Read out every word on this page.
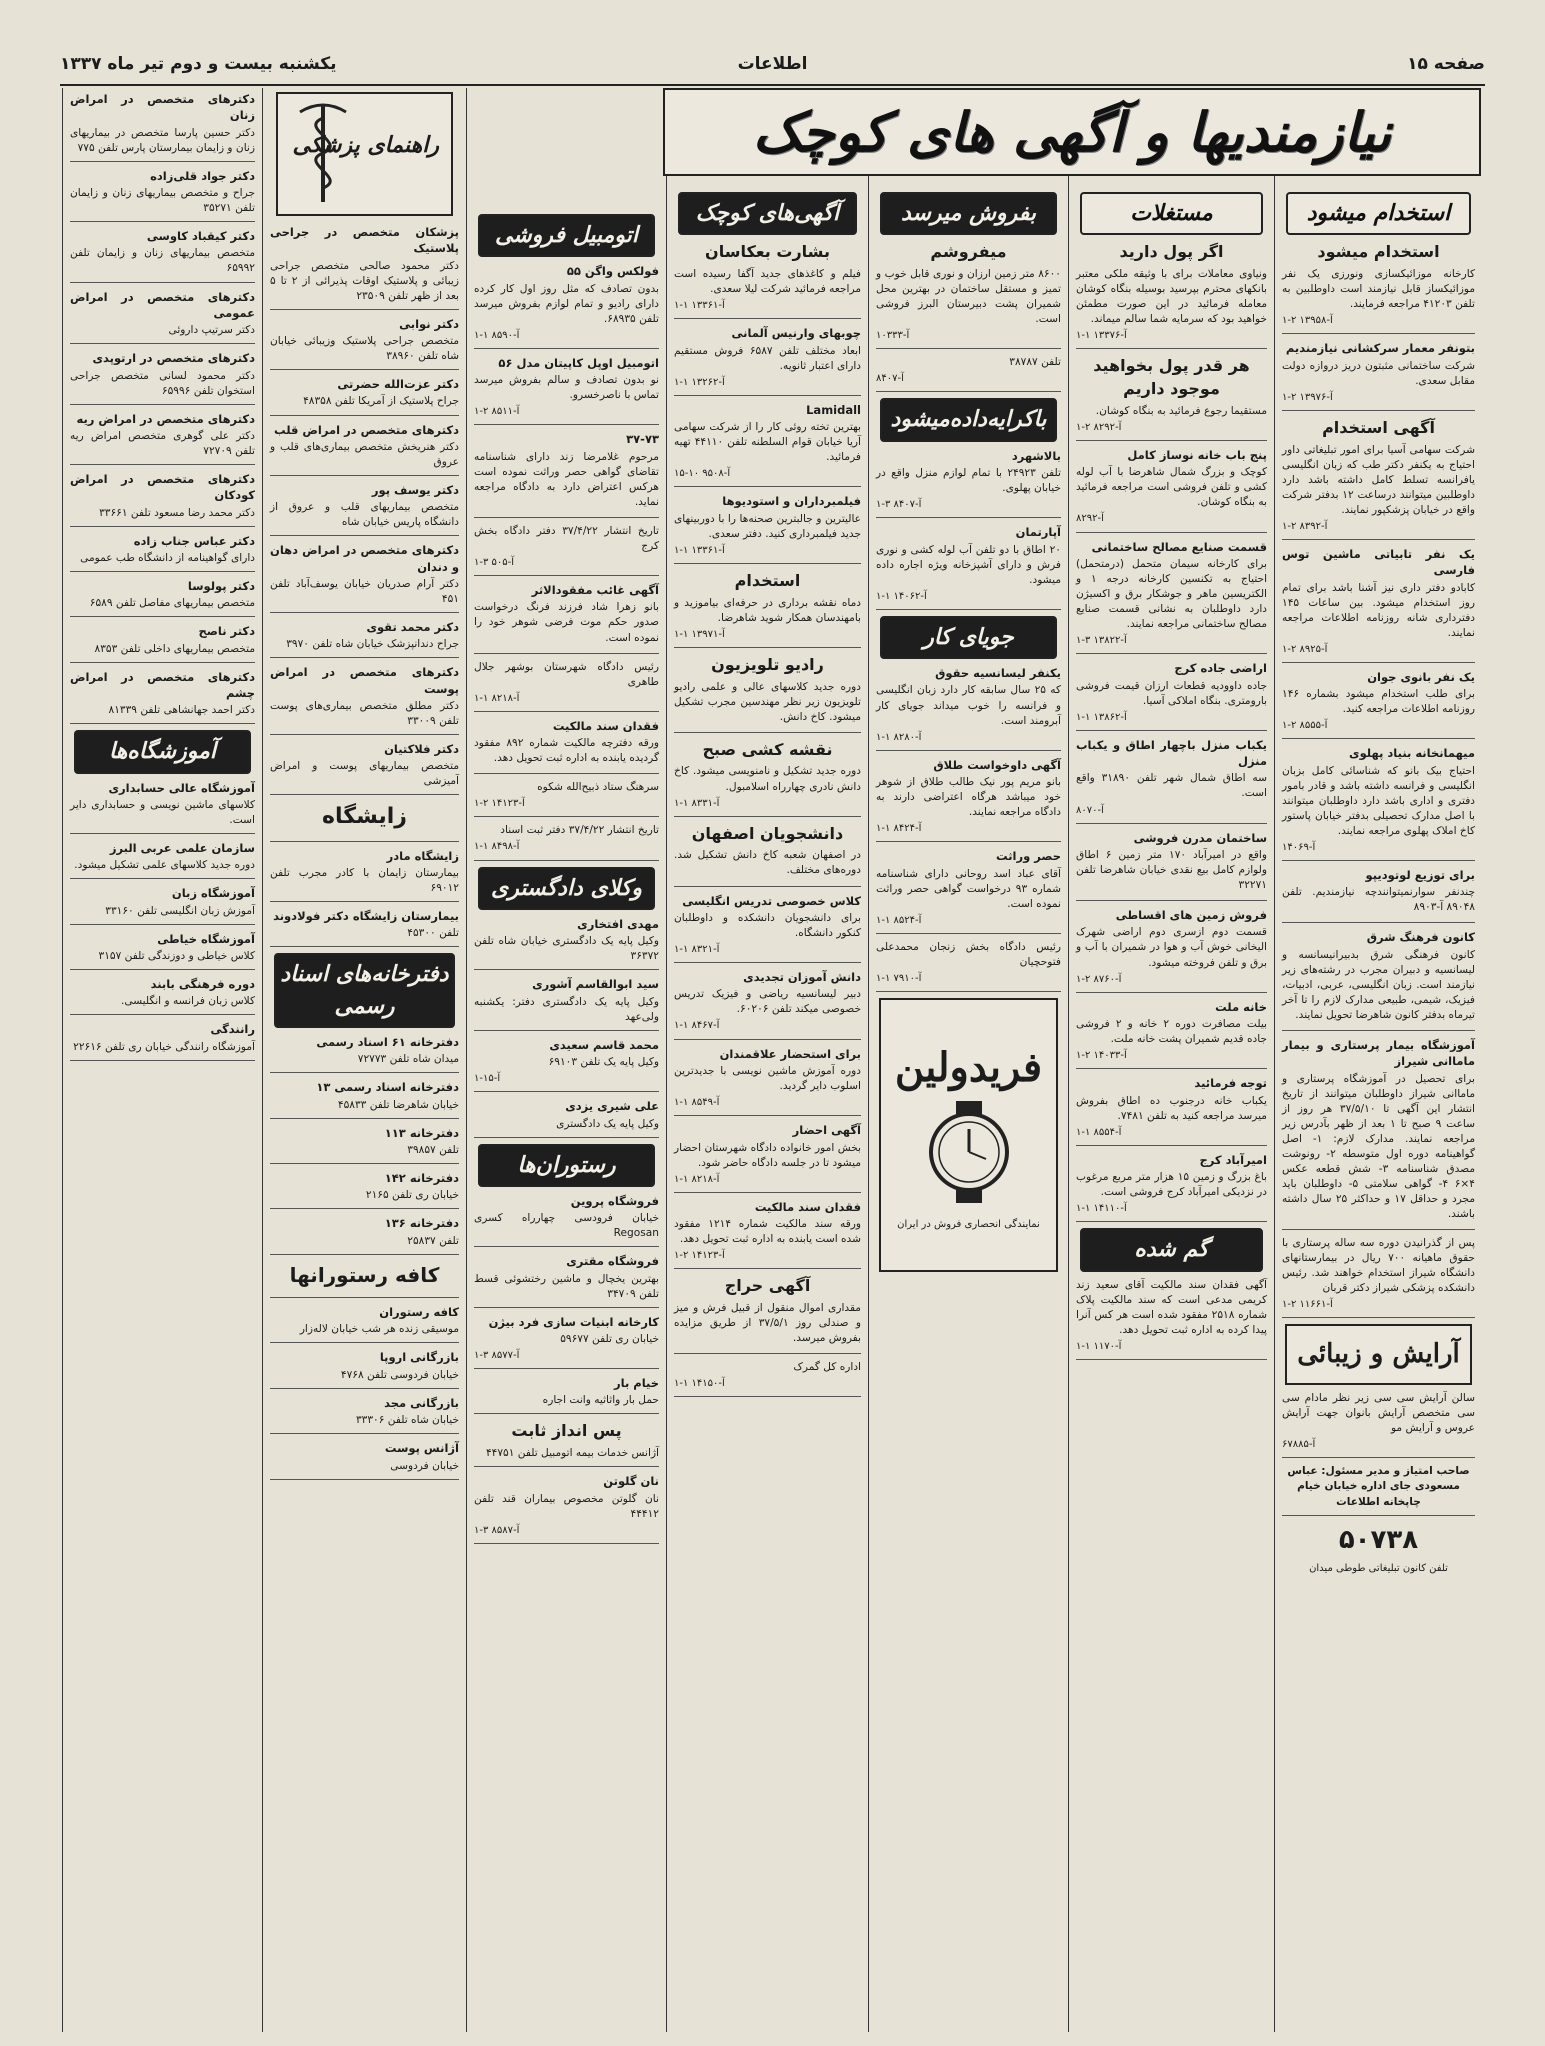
صفحه ۱۵
اطلاعات
یکشنبه بیست و دوم تیر ماه ۱۳۳۷
استخدام میشود
استخدام میشود

کارخانه موزائیکسازی ونورزی یک نفر موزائیکساز قابل نیازمند است داوطلبین به تلفن ۴۱۲۰۳ مراجعه فرمایند.

آ-۱۳۹۵۸ ۲-۱
بتونفر معمار سرکشانی نیازمندیم

شرکت ساختمانی مثبتون دریز دروازه دولت مقابل سعدی.

آ-۱۳۹۷۶ ۲-۱
آگهی استخدام

شرکت سهامی آسیا برای امور تبلیغاتی داور احتیاج به یکنفر دکتر طب که زبان انگلیسی یافرانسه تسلط کامل داشته باشد دارد داوطلبین میتوانند درساعت ۱۲ بدفتر شرکت واقع در خیابان پزشکپور نمایند.

آ-۸۳۹۲ ۲-۱
یک نفر تابیاتی ماشین توس فارسی

کابادو دفتر داری نیز آشنا باشد برای تمام روز استخدام میشود. بین ساعات ۱۴۵ دفترداری شانه روزنامه اطلاعات مراجعه نمایند.

آ-۸۹۲۵ ۲-۱
یک نفر بانوی جوان

برای طلب استخدام میشود بشماره ۱۴۶ روزنامه اطلاعات مراجعه کنید.

آ-۸۵۵۵ ۲-۱
میهمانخانه بنیاد پهلوی

احتیاج بیک بانو که شناسائی کامل بزبان انگلیسی و فرانسه داشته باشد و قادر بامور دفتری و اداری باشد دارد داوطلبان میتوانند با اصل مدارک تحصیلی بدفتر خیابان پاستور کاخ املاک پهلوی مراجعه نمایند.

آ-۱۴۰۶۹
برای توزیع لوتودیپو

چندنفر سوارنمیتوانندچه نیازمندیم. تلفن ۸۹۰۴۸ آ-۸۹۰۳

کانون فرهنگ شرق

کانون فرهنگی شرق بدبیرانیسانسه و لیسانسیه و دبیران مجرب در رشته‌های زیر نیازمند است. زبان انگلیسی، عربی، ادبیات، فیزیک، شیمی، طبیعی مدارک لازم را تا آخر تیرماه بدفتر کانون شاهرضا تحویل نمایند.

آموزشگاه بیمار پرستاری و بیمار ماماانی شیراز

برای تحصیل در آموزشگاه پرستاری و ماماانی شیراز داوطلبان میتوانند از تاریخ انتشار این آگهی تا ۳۷/۵/۱۰ هر روز از ساعت ۹ صبح تا ۱ بعد از ظهر بآدرس زیر مراجعه نمایند. مدارک لازم: ۱- اصل گواهینامه دوره اول متوسطه ۲- رونوشت مصدق شناسنامه ۳- شش قطعه عکس ۴×۶ ۴- گواهی سلامتی ۵- داوطلبان باید مجرد و حداقل ۱۷ و حداکثر ۲۵ سال داشته باشند.

پس از گذرانیدن دوره سه ساله پرستاری با حقوق ماهیانه ۷۰۰ ریال در بیمارستانهای دانشگاه شیراز استخدام خواهند شد. رئیس دانشکده پزشکی شیراز دکتر قربان

آ-۱۱۶۶۱ ۲-۱
آرایش و زیبائی

سالن آرایش سی سی زیر نظر مادام سی سی متخصص آرایش بانوان جهت آرایش عروس و آرایش مو

آ-۶۷۸۸۵

صاحب امتیاز و مدیر مسئول: عباس مسعودی جای اداره خیابان خیام چاپخانه اطلاعات

۵۰۷۳۸
تلفن کانون تبلیغاتی طوطی میدان
مستغلات
اگر پول دارید

ونیاوی معاملات برای با وثیقه ملکی معتبر بانکهای محترم بپرسید بوسیله بنگاه کوشان معامله فرمائید در این صورت مطمئن خواهید بود که سرمایه شما سالم میماند.

آ-۱۳۳۷۶ ۱-۱
هر قدر پول بخواهید موجود داریم

مستقیما رجوع فرمائید به بنگاه کوشان.

آ-۸۲۹۲ ۲-۱
پنج باب خانه نوساز کامل

کوچک و بزرگ شمال شاهرضا با آب لوله کشی و تلفن فروشی است مراجعه فرمائید به بنگاه کوشان.

آ-۸۲۹۲
قسمت صنایع مصالح ساختمانی

برای کارخانه سیمان متحمل (درمتحمل) احتیاج به تکنسین کارخانه درجه ۱ و الکتریسین ماهر و جوشکار برق و اکسیژن دارد داوطلبان به نشانی قسمت صنایع مصالح ساختمانی مراجعه نمایند.

آ-۱۳۸۲۲ ۳-۱
اراضی جاده کرج

جاده داوودیه قطعات ارزان قیمت فروشی بارومتری. بنگاه املاکی آسیا.

آ-۱۳۸۶۲ ۱-۱
یکباب منزل باچهار اطاق و یکباب منزل

سه اطاق شمال شهر تلفن ۳۱۸۹۰ واقع است.

آ-۸۰۷۰
ساختمان مدرن فروشی

واقع در امیرآباد ۱۷۰ متر زمین ۶ اطاق ولوازم کامل بیع نقدی خیابان شاهرضا تلفن ۳۲۲۷۱

فروش زمین های اقساطی

قسمت دوم ازسری دوم اراضی شهرک الیخانی خوش آب و هوا در شمیران با آب و برق و تلفن فروخته میشود.

آ-۸۷۶۰ ۲-۱
خانه ملت

بیلت مصافرت دوره ۲ خانه و ۲ فروشی جاده قدیم شمیران پشت خانه ملت.

آ-۱۴۰۳۳ ۲-۱
توجه فرمائید

یکباب خانه درجنوب ده اطاق بفروش میرسد مراجعه کنید به تلفن ۷۴۸۱.

آ-۸۵۵۴ ۱-۱
امیرآباد کرج

باغ بزرگ و زمین ۱۵ هزار متر مربع مرغوب در نزدیکی امیرآباد کرج فروشی است.

آ-۱۴۱۱۰ ۱-۱
گم شده

آگهی فقدان سند مالکیت آقای سعید زند کریمی مدعی است که سند مالکیت پلاک شماره ۲۵۱۸ مفقود شده است هر کس آنرا پیدا کرده به اداره ثبت تحویل دهد.

آ-۱۱۷۰ ۱-۱
بفروش میرسد
میفروشم

۸۶۰۰ متر زمین ارزان و نوری قابل خوب و تمیز و مستقل ساختمان در بهترین محل شمیران پشت دبیرستان البرز فروشی است.

آ-۱۰۳۳۳

تلفن ۳۸۷۸۷

آ-۸۴۰۷
باکرایه‌داده‌میشود
بالاشهرد

تلفن ۲۴۹۲۳ با تمام لوازم منزل واقع در خیابان پهلوی.

آ-۸۴۰۷ ۳-۱
آپارتمان

۲۰ اطاق با دو تلفن آب لوله کشی و نوری فرش و دارای آشپزخانه ویژه اجاره داده میشود.

آ-۱۴۰۶۲ ۱-۱
جویای کار
یکنفر لیسانسیه حقوق

که ۲۵ سال سابقه کار دارد زبان انگلیسی و فرانسه را خوب میداند جویای کار آبرومند است.

آ-۸۲۸۰ ۱-۱
آگهی داوخواست طلاق

بانو مریم پور نیک طالب طلاق از شوهر خود میباشد هرگاه اعتراضی دارند به دادگاه مراجعه نمایند.

آ-۸۴۲۴ ۱-۱
حصر وراثت

آقای عباد اسد روحانی دارای شناسنامه شماره ۹۳ درخواست گواهی حصر وراثت نموده است.

آ-۸۵۲۴ ۱-۱

رئیس دادگاه بخش زنجان محمدعلی فتوحچیان

آ-۷۹۱۰ ۱-۱
فریدولین
نمایندگی انحصاری فروش در ایران
آگهی‌های کوچک
بشارت بعکاسان

فیلم و کاغذهای جدید آگفا رسیده است مراجعه فرمائید شرکت لیلا سعدی.

آ-۱۳۳۶۱ ۱-۱
چوبهای وارنیس آلمانی

ابعاد مختلف تلفن ۶۵۸۷ فروش مستقیم دارای اعتبار ثانویه.

آ-۱۳۲۶۲ ۱-۱
Lamidall

بهترین تخته روئی کار را از شرکت سهامی آریا خیابان قوام السلطنه تلفن ۴۴۱۱۰ تهیه فرمائید.

آ-۹۵۰۸ ۱۰-۱۵
فیلمبرداران و استودیوها

عالیترین و جالبترین صحنه‌ها را با دوربینهای جدید فیلمبرداری کنید. دفتر سعدی.

آ-۱۳۳۶۱ ۱-۱
استخدام

دماه نقشه برداری در حرفه‌ای بیاموزید و بامهندسان همکار شوید شاهرضا.

آ-۱۳۹۷۱ ۱-۱
رادیو تلویزیون

دوره جدید کلاسهای عالی و علمی رادیو تلویزیون زیر نظر مهندسین مجرب تشکیل میشود. کاخ دانش.

نقشه کشی صبح

دوره جدید تشکیل و نامنویسی میشود. کاخ دانش نادری چهارراه اسلامبول.

آ-۸۳۳۱ ۱-۱
دانشجویان اصفهان

در اصفهان شعبه کاخ دانش تشکیل شد. دوره‌های مختلف.

کلاس خصوصی تدریس انگلیسی

برای دانشجویان دانشکده و داوطلبان کنکور دانشگاه.

آ-۸۳۲۱ ۱-۱
دانش آموزان تجدیدی

دبیر لیسانسیه ریاضی و فیزیک تدریس خصوصی میکند تلفن ۶۰۲۰۶.

آ-۸۴۶۷ ۱-۱
برای استحضار علاقمندان

دوره آموزش ماشین نویسی با جدیدترین اسلوب دایر گردید.

آ-۸۵۴۹ ۱-۱
آگهی احضار

بخش امور خانواده دادگاه شهرستان احضار میشود تا در جلسه دادگاه حاضر شود.

آ-۸۲۱۸ ۱-۱
فقدان سند مالکیت

ورقه سند مالکیت شماره ۱۲۱۴ مفقود شده است یابنده به اداره ثبت تحویل دهد.

آ-۱۴۱۲۳ ۲-۱
آگهی حراج

مقداری اموال منقول از قبیل فرش و میز و صندلی روز ۳۷/۵/۱ از طریق مزایده بفروش میرسد.

اداره کل گمرک

آ-۱۴۱۵۰ ۱-۱
اتومبیل فروشی
فولکس واگن ۵۵

بدون تصادف که مثل روز اول کار کرده دارای رادیو و تمام لوازم بفروش میرسد تلفن ۶۸۹۳۵.

آ-۸۵۹۰ ۱-۱
اتومبیل اوپل کاپیتان مدل ۵۶

نو بدون تصادف و سالم بفروش میرسد تماس با ناصرخسرو.

آ-۸۵۱۱ ۲-۱
۳۷-۷۳

مرحوم غلامرضا زند دارای شناسنامه تقاضای گواهی حصر وراثت نموده است هرکس اعتراض دارد به دادگاه مراجعه نماید.

تاریخ انتشار ۳۷/۴/۲۲ دفتر دادگاه بخش کرج

آ-۵۰۵ ۳-۱
آگهی غائب مفقودالاثر

بانو زهرا شاد فرزند فرنگ درخواست صدور حکم موت فرضی شوهر خود را نموده است.

رئیس دادگاه شهرستان بوشهر جلال طاهری

آ-۸۲۱۸ ۱-۱
فقدان سند مالکیت

ورقه دفترچه مالکیت شماره ۸۹۲ مفقود گردیده یابنده به اداره ثبت تحویل دهد.

سرهنگ ستاد ذبیح‌الله شکوه

آ-۱۴۱۲۳ ۲-۱

تاریخ انتشار ۳۷/۴/۲۲ دفتر ثبت اسناد

آ-۸۴۹۸ ۱-۱
وکلای دادگستری
مهدی افتخاری

وکیل پایه یک دادگستری خیابان شاه تلفن ۳۶۳۷۲

سید ابوالقاسم آشوری

وکیل پایه یک دادگستری دفتر: یکشنبه ولی‌عهد

محمد قاسم سعیدی

وکیل پایه یک تلفن ۶۹۱۰۳

آ-۱۵-۱
علی شیری یزدی

وکیل پایه یک دادگستری

رستوران‌ها
فروشگاه پروین

خیابان فرودسی چهارراه کسری Regosan

فروشگاه مقتری

بهترین یخچال و ماشین رختشوئی قسط تلفن ۳۴۷۰۹

کارخانه ابنیات سازی فرد بیژن

خیابان ری تلفن ۵۹۶۷۷

آ-۸۵۷۷ ۳-۱
خیام بار

حمل بار واثاثیه وانت اجاره

پس انداز ثابت

آژانس خدمات بیمه اتومبیل تلفن ۴۴۷۵۱

نان گلوتن

نان گلوتن مخصوص بیماران قند تلفن ۴۴۴۱۲

آ-۸۵۸۷ ۳-۱
راهنمای پزشکی
پزشکان متخصص در جراحی پلاستیک

دکتر محمود صالحی متخصص جراحی زیبائی و پلاستیک اوقات پذیرائی از ۲ تا ۵ بعد از ظهر تلفن ۲۳۵۰۹

دکتر نوابی

متخصص جراحی پلاستیک وزیبائی خیابان شاه تلفن ۳۸۹۶۰

دکتر عزت‌الله حضرتی

جراح پلاستیک از آمریکا تلفن ۴۸۳۵۸

دکترهای متخصص در امراض قلب

دکتر هنریخش متخصص بیماری‌های قلب و عروق

دکتر یوسف پور

متخصص بیماریهای قلب و عروق از دانشگاه پاریس خیابان شاه

دکترهای متخصص در امراض دهان و دندان

دکتر آرام صدریان خیابان یوسف‌آباد تلفن ۴۵۱

دکتر محمد تقوی

جراح دندانپزشک خیابان شاه تلفن ۳۹۷۰

دکترهای متخصص در امراض پوست

دکتر مطلق متخصص بیماری‌های پوست تلفن ۳۳۰۰۹

دکتر فلاکتیان

متخصص بیماریهای پوست و امراض آمیزشی

زایشگاه
زایشگاه مادر

بیمارستان زایمان با کادر مجرب تلفن ۶۹۰۱۲

بیمارستان زایشگاه دکتر فولادوند

تلفن ۴۵۳۰۰

دفترخانه‌های اسناد رسمی
دفترخانه ۶۱ اسناد رسمی

میدان شاه تلفن ۷۲۷۷۳

دفترخانه اسناد رسمی ۱۳

خیابان شاهرضا تلفن ۴۵۸۳۳

دفترخانه ۱۱۳

تلفن ۳۹۸۵۷

دفترخانه ۱۴۲

خیابان ری تلفن ۲۱۶۵

دفترخانه ۱۳۶

تلفن ۲۵۸۳۷

کافه رستورانها
کافه رستوران

موسیقی زنده هر شب خیابان لاله‌زار

بازرگانی اروپا

خیابان فردوسی تلفن ۴۷۶۸

بازرگانی مجد

خیابان شاه تلفن ۳۳۳۰۶

آژانس پوست

خیابان فردوسی

دکترهای متخصص در امراض زنان

دکتر حسین پارسا متخصص در بیماریهای زنان و زایمان بیمارستان پارس تلفن ۷۷۵

دکتر جواد قلی‌زاده

جراح و متخصص بیماریهای زنان و زایمان تلفن ۳۵۲۷۱

دکتر کیقباد کاوسی

متخصص بیماریهای زنان و زایمان تلفن ۶۵۹۹۲

دکترهای متخصص در امراض عمومی

دکتر سرتیپ داروئی

دکترهای متخصص در ارتوپدی

دکتر محمود لسانی متخصص جراحی استخوان تلفن ۶۵۹۹۶

دکترهای متخصص در امراض ریه

دکتر علی گوهری متخصص امراض ریه تلفن ۷۲۷۰۹

دکترهای متخصص در امراض کودکان

دکتر محمد رضا مسعود تلفن ۳۳۶۶۱

دکتر عباس جناب زاده

دارای گواهینامه از دانشگاه طب عمومی

دکتر پولوسا

متخصص بیماریهای مفاصل تلفن ۶۵۸۹

دکتر ناصح

متخصص بیماریهای داخلی تلفن ۸۳۵۳

دکترهای متخصص در امراض چشم

دکتر احمد جهانشاهی تلفن ۸۱۳۳۹

آموزشگاه‌ها
آموزشگاه عالی حسابداری

کلاسهای ماشین نویسی و حسابداری دایر است.

سازمان علمی عربی البرز

دوره جدید کلاسهای علمی تشکیل میشود.

آموزشگاه زبان

آموزش زبان انگلیسی تلفن ۳۳۱۶۰

آموزشگاه خیاطی

کلاس خیاطی و دوزندگی تلفن ۳۱۵۷

دوره فرهنگی بابند

کلاس زبان فرانسه و انگلیسی.

رانندگی

آموزشگاه رانندگی خیابان ری تلفن ۲۲۶۱۶

نیازمندیها و آگهی های کوچک
